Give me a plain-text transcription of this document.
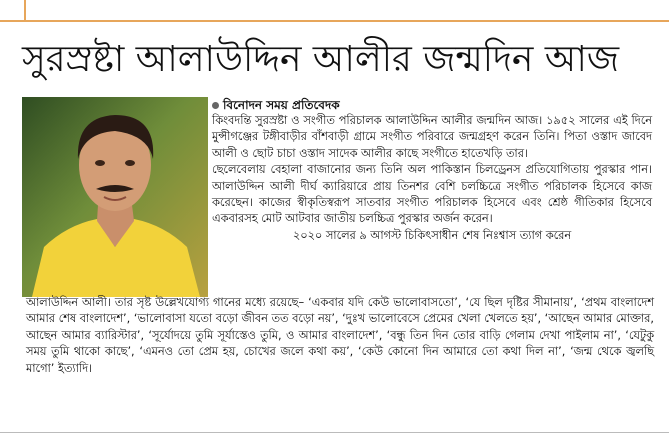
সুরস্রষ্টা আলাউদ্দিন আলীর জন্মদিন আজ
বিনোদন সময় প্রতিবেদক

কিংবদন্তি সুরস্রষ্টা ও সংগীত পরিচালক আলাউদ্দিন আলীর জন্মদিন আজ। ১৯৫২ সালের এই দিনে মুন্সীগঞ্জের টঙ্গীবাড়ীর বাঁশবাড়ী গ্রামে সংগীত পরিবারে জন্মগ্রহণ করেন তিনি। পিতা ওস্তাদ জাবেদ আলী ও ছোট চাচা ওস্তাদ সাদেক আলীর কাছে সংগীতে হাতেখড়ি তার।

ছেলেবেলায় বেহালা বাজানোর জন্য তিনি অল পাকিস্তান চিলড্রেনস প্রতিযোগিতায় পুরস্কার পান। আলাউদ্দিন আলী দীর্ঘ ক্যারিয়ারে প্রায় তিনশর বেশি চলচ্চিত্রে সংগীত পরিচালক হিসেবে কাজ করেছেন। কাজের স্বীকৃতিস্বরূপ সাতবার সংগীত পরিচালক হিসেবে এবং শ্রেষ্ঠ গীতিকার হিসেবে একবারসহ মোট আটবার জাতীয় চলচ্চিত্র পুরস্কার অর্জন করেন।

২০২০ সালের ৯ আগস্ট চিকিৎসাধীন শেষ নিঃশ্বাস ত্যাগ করেন

আলাউদ্দিন আলী। তার সৃষ্ট উল্লেখযোগ্য গানের মধ্যে রয়েছে– ‘একবার যদি কেউ ভালোবাসতো’, ‘যে ছিল দৃষ্টির সীমানায়’, ‘প্রথম বাংলাদেশ আমার শেষ বাংলাদেশ’, ‘ভালোবাসা যতো বড়ো জীবন তত বড়ো নয়’, ‘দুঃখ ভালোবেসে প্রেমের খেলা খেলতে হয়’, ‘আছেন আমার মোক্তার, আছেন আমার ব্যারিস্টার’, ‘সূর্যোদয়ে তুমি সূর্যাস্তেও তুমি, ও আমার বাংলাদেশ’, ‘বন্ধু তিন দিন তোর বাড়ি গেলাম দেখা পাইলাম না’, ‘যেটুকু সময় তুমি থাকো কাছে’, ‘এমনও তো প্রেম হয়, চোখের জলে কথা কয়’, ‘কেউ কোনো দিন আমারে তো কথা দিল না’, ‘জন্ম থেকে জ্বলছি মাগো’ ইত্যাদি।
